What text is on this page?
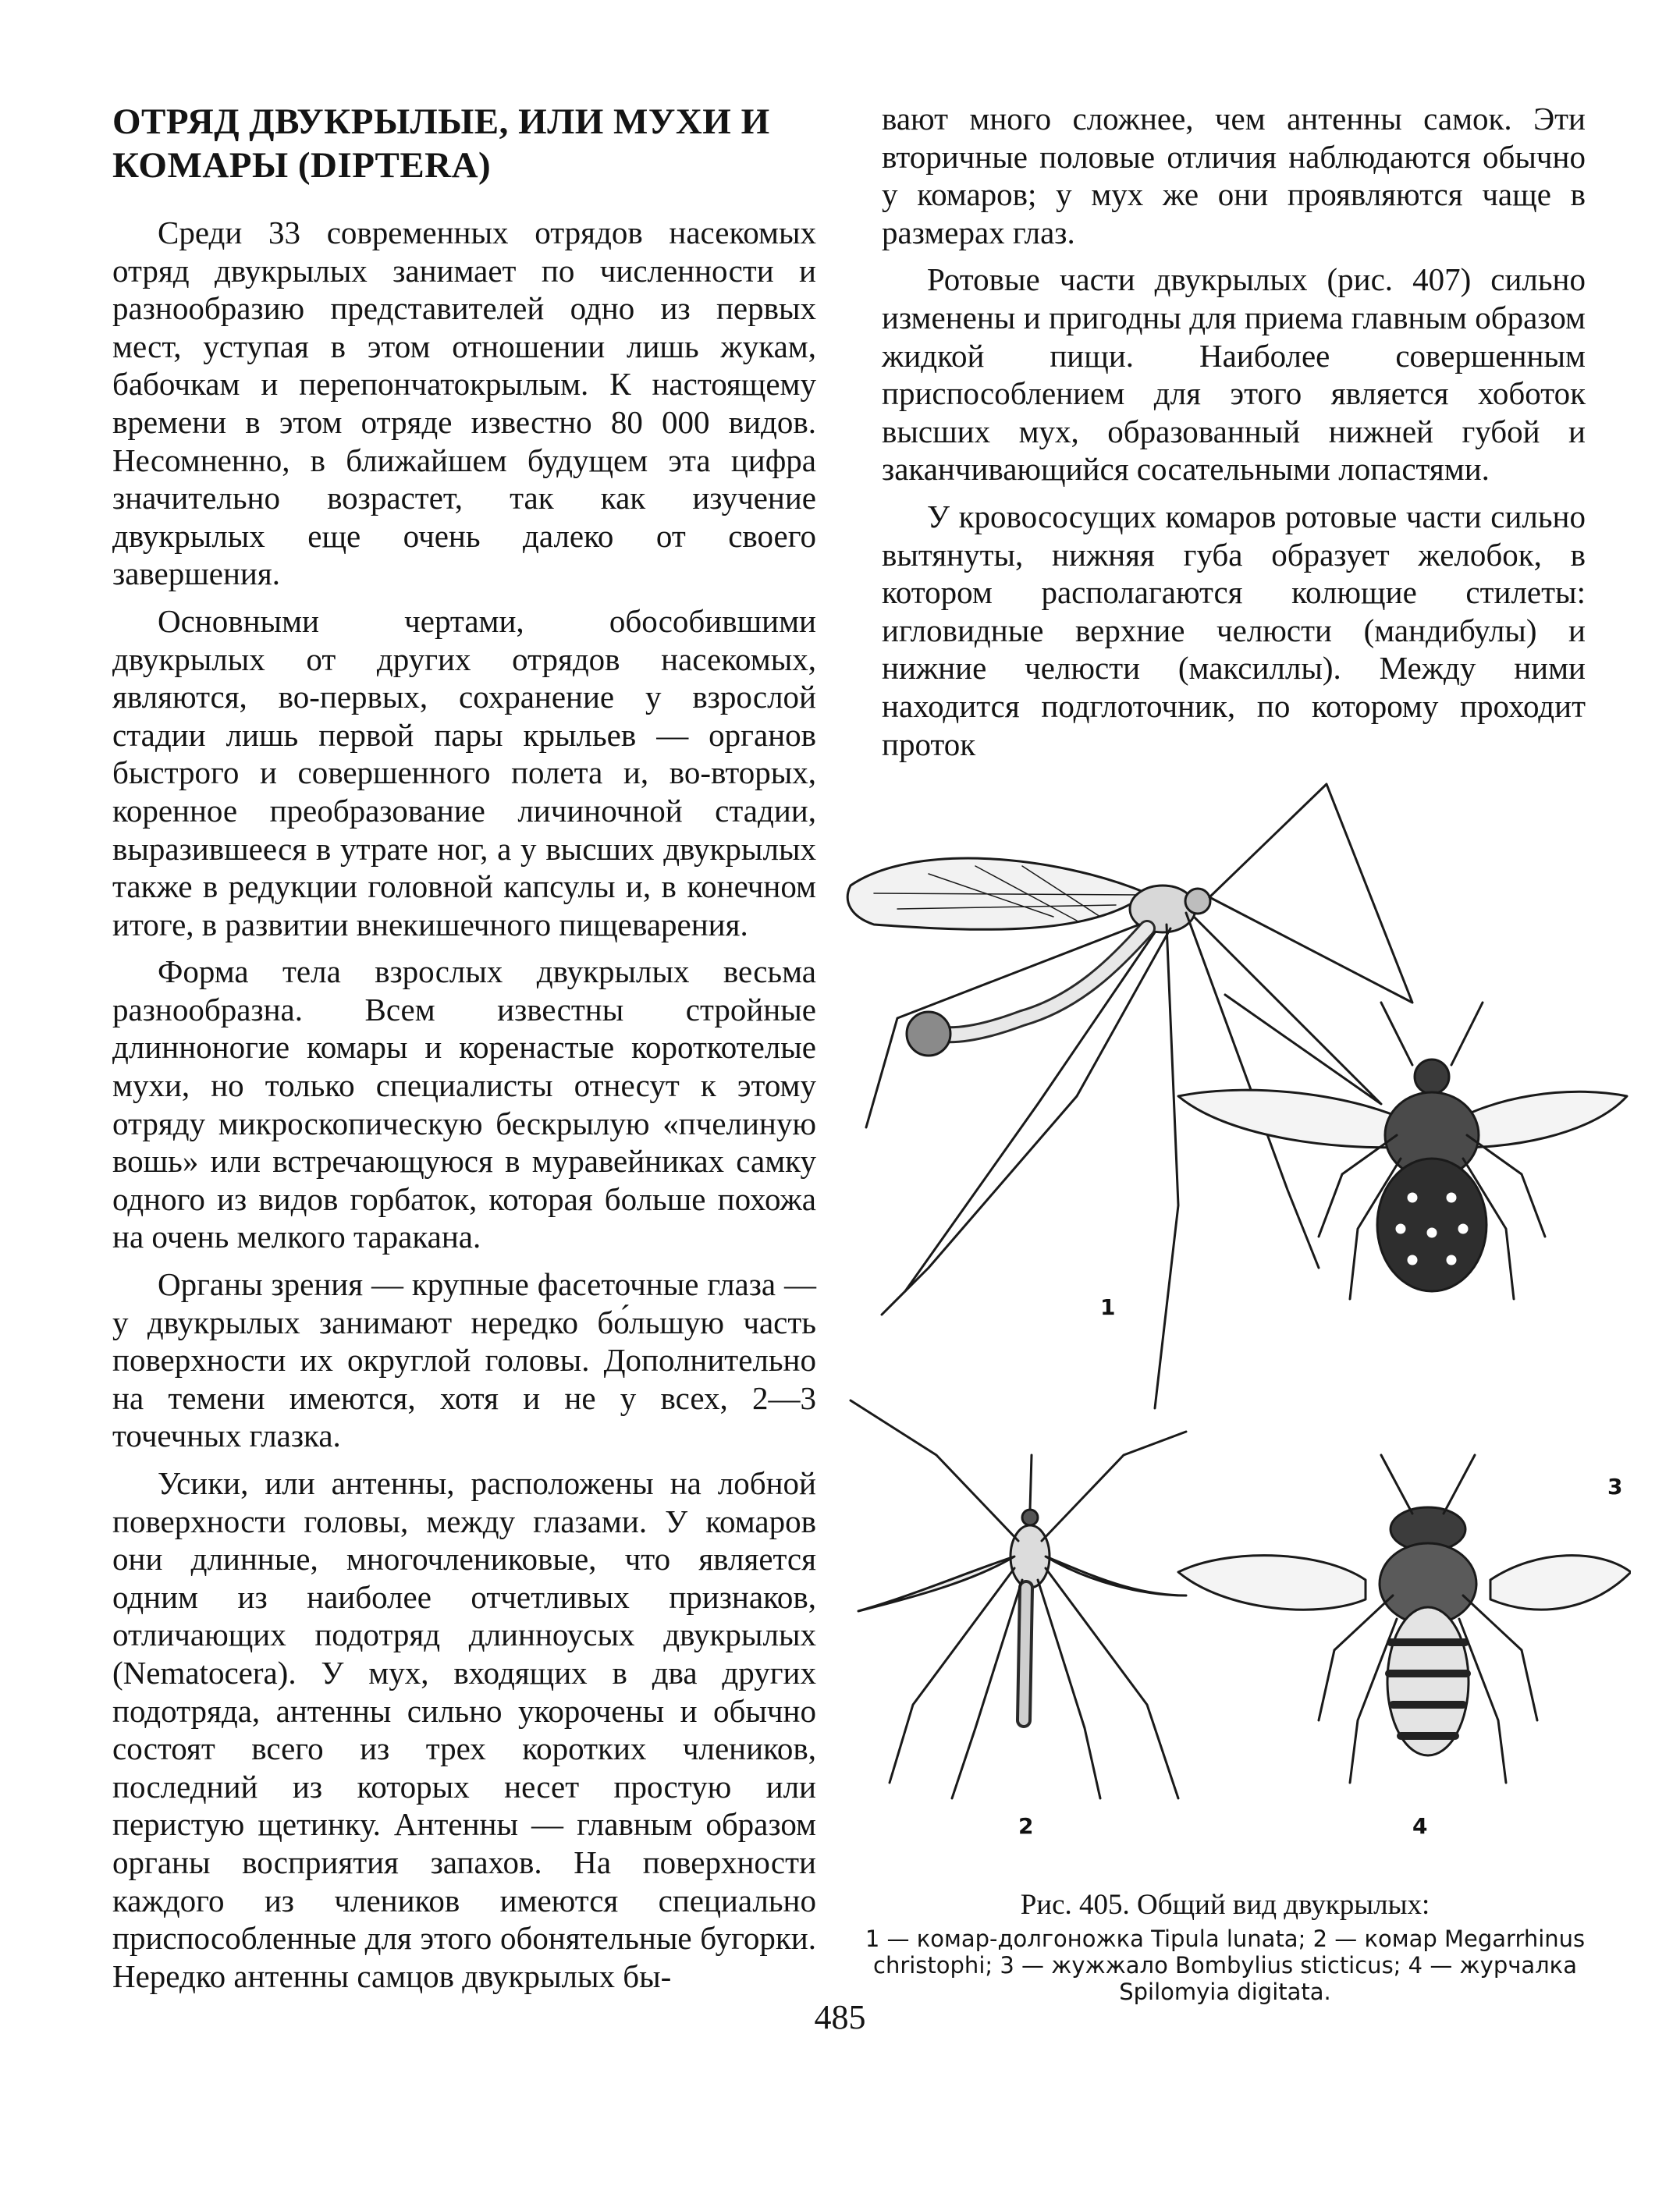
ОТРЯД ДВУКРЫЛЫЕ, ИЛИ МУХИ И КОМАРЫ (DIPTERA)

Среди 33 современных отрядов насекомых отряд двукрылых занимает по численности и разнообразию представителей одно из первых мест, уступая в этом отношении лишь жукам, бабочкам и перепончатокрылым. К настоящему времени в этом отряде известно 80 000 видов. Несомненно, в ближайшем будущем эта цифра значительно возрастет, так как изучение двукрылых еще очень далеко от своего завершения.

Основными чертами, обособившими двукрылых от других отрядов насекомых, являются, во-первых, сохранение у взрослой стадии лишь первой пары крыльев — органов быстрого и совершенного полета и, во-вторых, коренное преобразование личиночной стадии, выразившееся в утрате ног, а у высших двукрылых также в редукции головной капсулы и, в конечном итоге, в развитии внекишечного пищеварения.

Форма тела взрослых двукрылых весьма разнообразна. Всем известны стройные длинноногие комары и коренастые короткотелые мухи, но только специалисты отнесут к этому отряду микроскопическую бескрылую «пчелиную вошь» или встречающуюся в муравейниках самку одного из видов горбаток, которая больше похожа на очень мелкого таракана.

Органы зрения — крупные фасеточные глаза — у двукрылых занимают нередко бо́льшую часть поверхности их округлой головы. Дополнительно на темени имеются, хотя и не у всех, 2—3 точечных глазка.

Усики, или антенны, расположены на лобной поверхности головы, между глазами. У комаров они длинные, многочлениковые, что является одним из наиболее отчетливых признаков, отличающих подотряд длинноусых двукрылых (Nematocera). У мух, входящих в два других подотряда, антенны сильно укорочены и обычно состоят всего из трех коротких члеников, последний из которых несет простую или перистую щетинку. Антенны — главным образом органы восприятия запахов. На поверхности каждого из члеников имеются специально приспособленные для этого обонятельные бугорки. Нередко антенны самцов двукрылых бы-

вают много сложнее, чем антенны самок. Эти вторичные половые отличия наблюдаются обычно у комаров; у мух же они проявляются чаще в размерах глаз.

Ротовые части двукрылых (рис. 407) сильно изменены и пригодны для приема главным образом жидкой пищи. Наиболее совершенным приспособлением для этого является хоботок высших мух, образованный нижней губой и заканчивающийся сосательными лопастями.

У кровососущих комаров ротовые части сильно вытянуты, нижняя губа образует желобок, в котором располагаются колющие стилеты: игловидные верхние челюсти (мандибулы) и нижние челюсти (максиллы). Между ними находится подглоточник, по которому проходит проток

1
2
3
4
Рис. 405. Общий вид двукрылых:
1 — комар-долгоножка Tipula lunata; 2 — комар Megarrhinus christophi; 3 — жужжало Bombylius sticticus; 4 — журчалка Spilomyia digitata.
485
